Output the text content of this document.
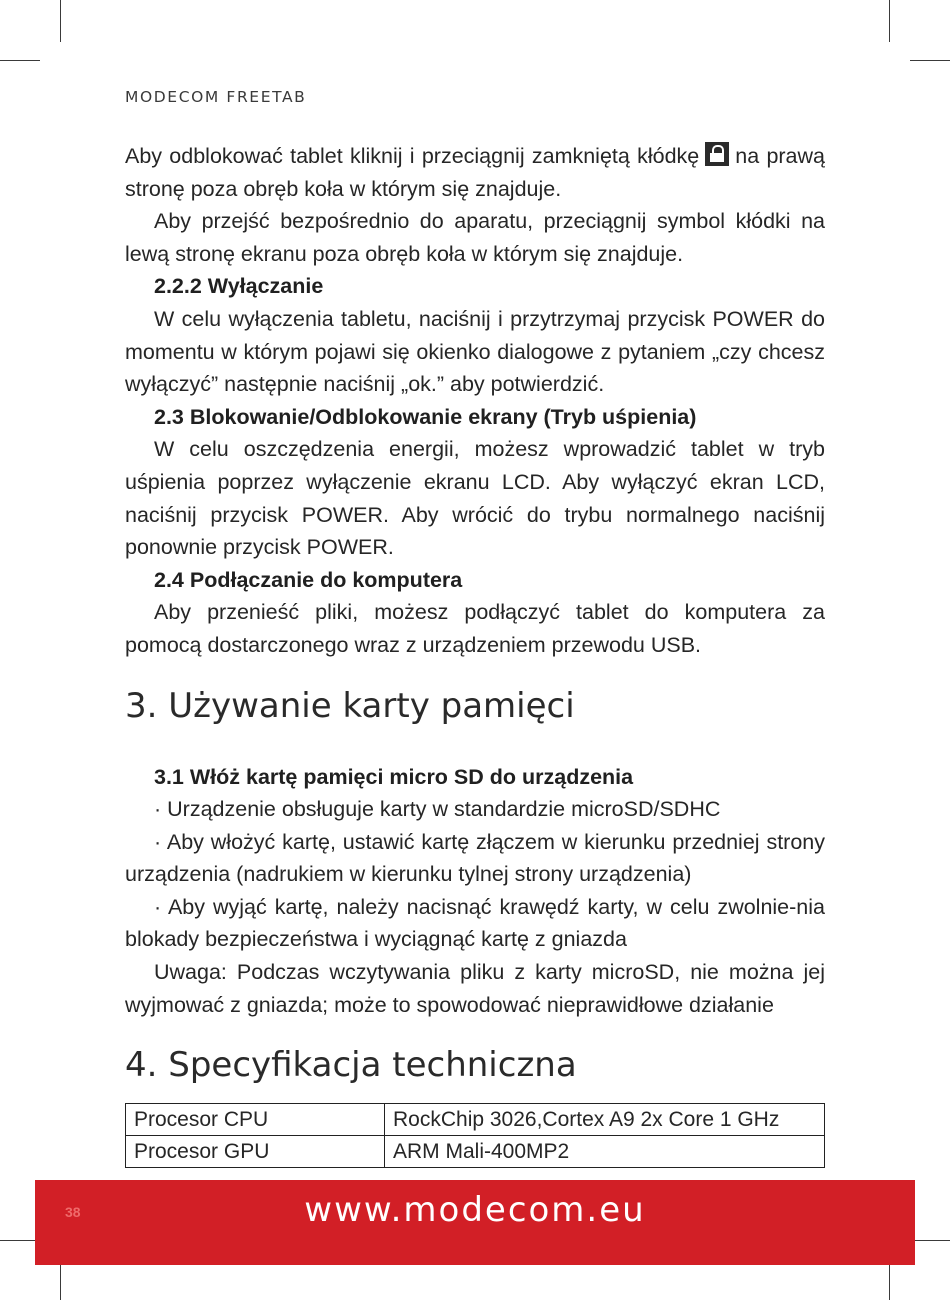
MODECOM FREETAB

Aby odblokować tablet kliknij i przeciągnij zamkniętą kłódkę na prawą stronę poza obręb koła w którym się znajduje.

Aby przejść bezpośrednio do aparatu, przeciągnij symbol kłódki na lewą stronę ekranu poza obręb koła w którym się znajduje.

2.2.2 Wyłączanie

W celu wyłączenia tabletu, naciśnij i przytrzymaj przycisk POWER do momentu w którym pojawi się okienko dialogowe z pytaniem „czy chcesz wyłączyć” następnie naciśnij „ok.” aby potwierdzić.

2.3 Blokowanie/Odblokowanie ekrany (Tryb uśpienia)

W celu oszczędzenia energii, możesz wprowadzić tablet w tryb uśpienia poprzez wyłączenie ekranu LCD. Aby wyłączyć ekran LCD, naciśnij przycisk POWER. Aby wrócić do trybu normalnego naciśnij ponownie przycisk POWER.

2.4 Podłączanie do komputera

Aby przenieść pliki, możesz podłączyć tablet do komputera za pomocą dostarczonego wraz z urządzeniem przewodu USB.

3. Używanie karty pamięci

3.1 Włóż kartę pamięci micro SD do urządzenia

· Urządzenie obsługuje karty w standardzie microSD/SDHC

· Aby włożyć kartę, ustawić kartę złączem w kierunku przedniej strony urządzenia (nadrukiem w kierunku tylnej strony urządzenia)

· Aby wyjąć kartę, należy nacisnąć krawędź karty, w celu zwolnie-nia blokady bezpieczeństwa i wyciągnąć kartę z gniazda

Uwaga: Podczas wczytywania pliku z karty microSD, nie można jej wyjmować z gniazda; może to spowodować nieprawidłowe działanie

4. Specyfikacja techniczna
Procesor CPU	RockChip 3026,Cortex A9 2x Core 1 GHz
Procesor GPU	ARM Mali-400MP2
38	www.modecom.eu
